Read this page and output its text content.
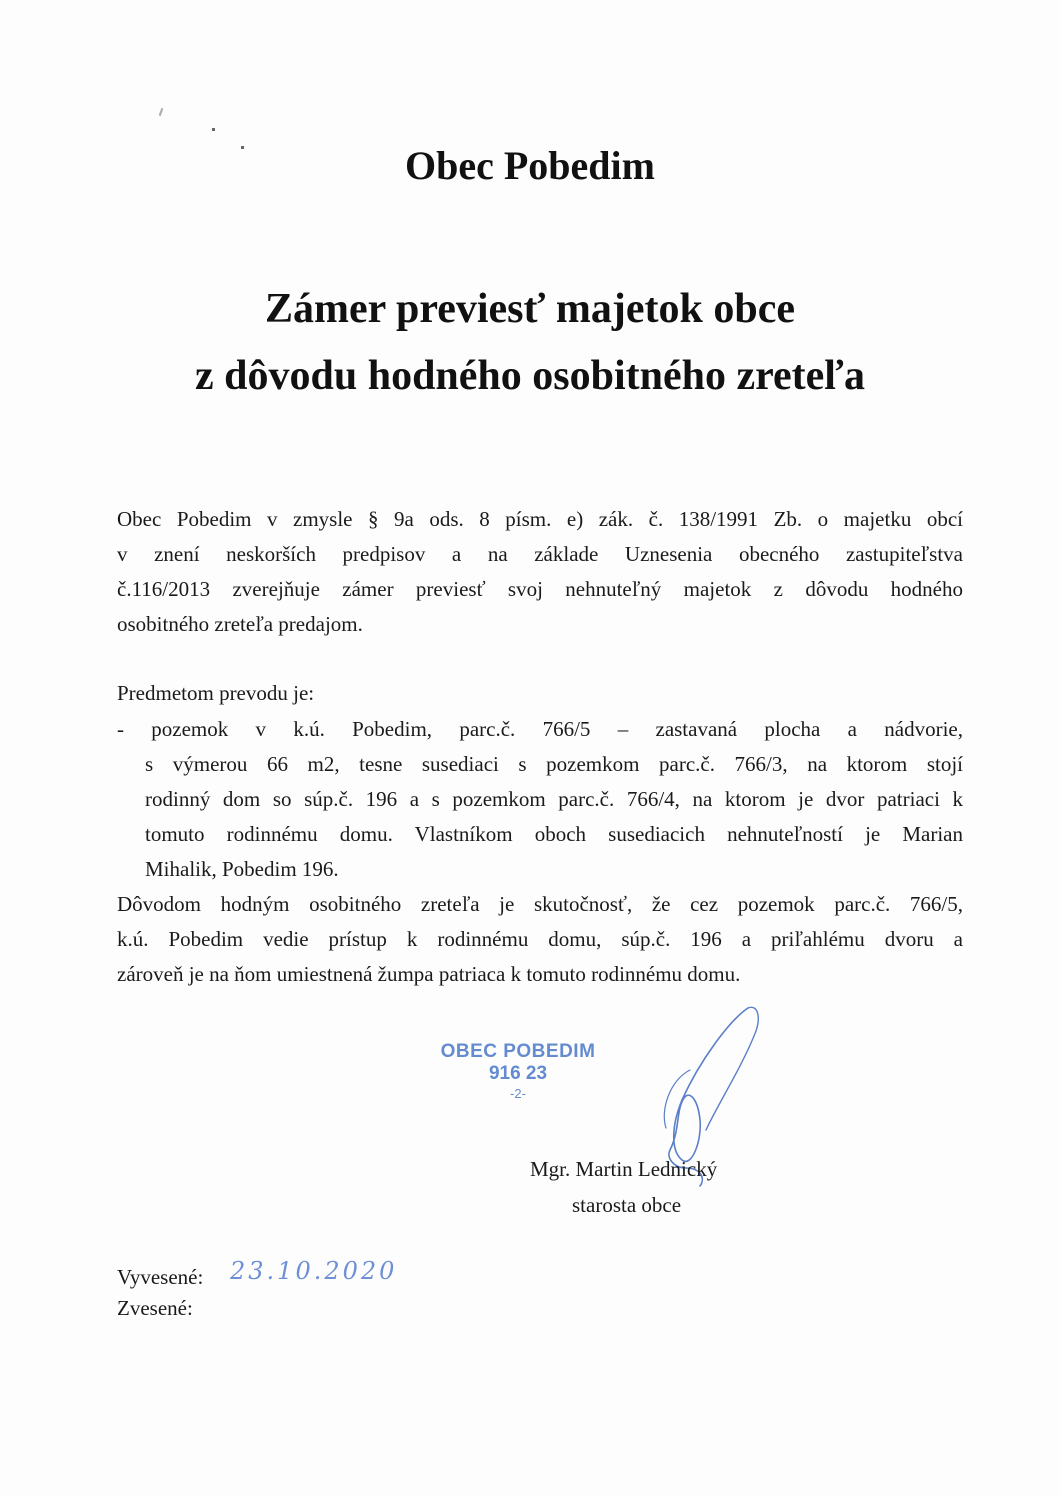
Obec Pobedim
Zámer previesť majetok obce
z dôvodu hodného osobitného zreteľa
Obec Pobedim v zmysle § 9a ods. 8 písm. e) zák. č. 138/1991 Zb. o majetku obcí
v znení neskorších predpisov a na základe Uznesenia obecného zastupiteľstva
č.116/2013 zverejňuje zámer previesť svoj nehnuteľný majetok z dôvodu hodného
osobitného zreteľa predajom.
Predmetom prevodu je:
- pozemok v k.ú. Pobedim, parc.č. 766/5 – zastavaná plocha a nádvorie,
s výmerou 66 m2, tesne susediaci s pozemkom parc.č. 766/3, na ktorom stojí
rodinný dom so súp.č. 196 a s pozemkom parc.č. 766/4, na ktorom je dvor patriaci k
tomuto rodinnému domu. Vlastníkom oboch susediacich nehnuteľností je Marian
Mihalik, Pobedim 196.
Dôvodom hodným osobitného zreteľa je skutočnosť, že cez pozemok parc.č. 766/5,
k.ú. Pobedim vedie prístup k rodinnému domu, súp.č. 196 a priľahlému dvoru a
zároveň je na ňom umiestnená žumpa patriaca k tomuto rodinnému domu.
OBEC POBEDIM
916 23
-2-
Mgr. Martin Lednický
starosta obce
Vyvesené: 23.10.2020
Zvesené:
